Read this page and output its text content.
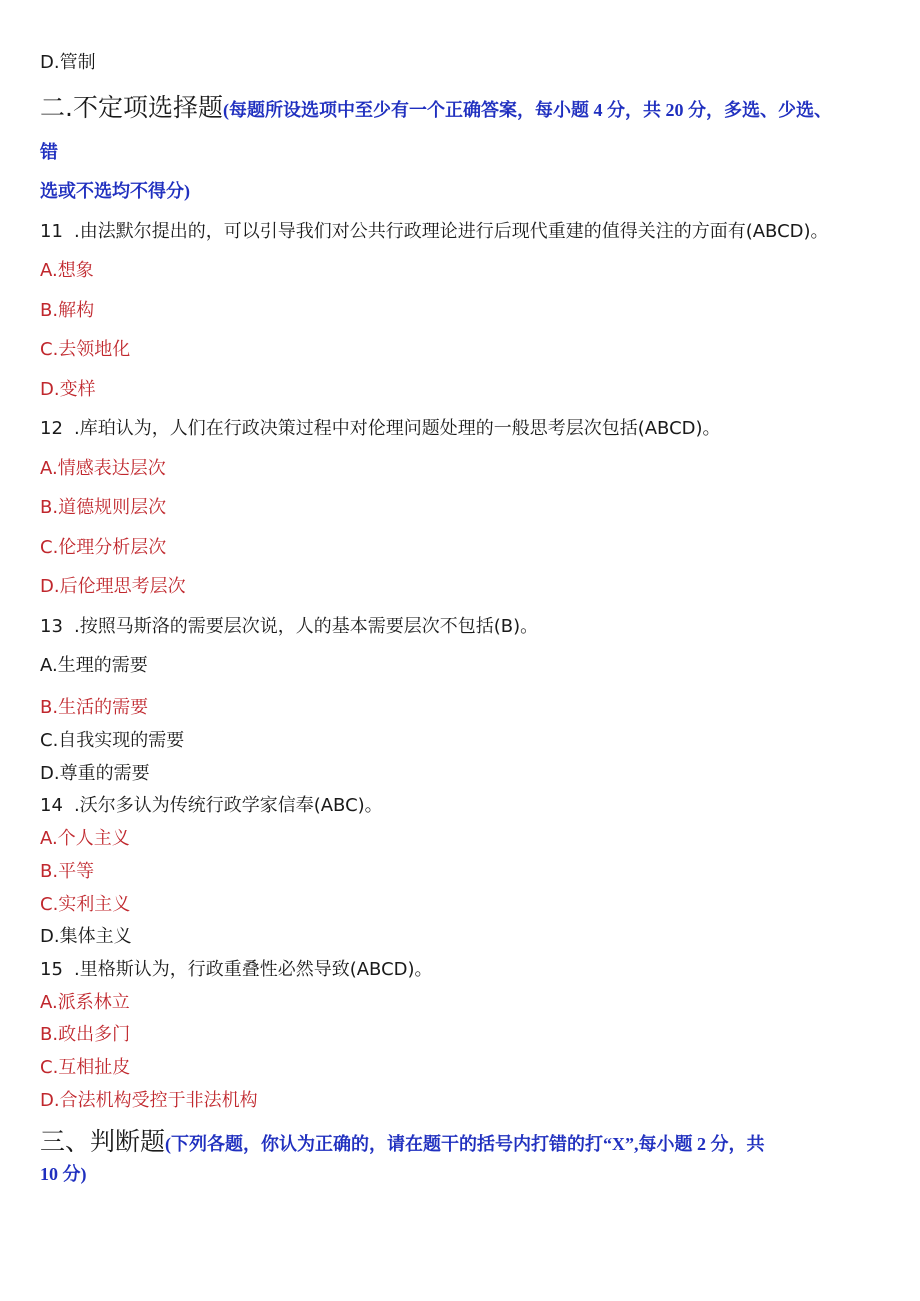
D.管制
二.不定项选择题(每题所设选项中至少有一个正确答案，每小题 4 分，共 20 分，多选、少选、
错
选或不选均不得分)
11 .由法默尔提出的，可以引导我们对公共行政理论进行后现代重建的值得关注的方面有(ABCD)。
A.想象
B.解构
C.去领地化
D.变样
12 .库珀认为，人们在行政决策过程中对伦理问题处理的一般思考层次包括(ABCD)。
A.情感表达层次
B.道德规则层次
C.伦理分析层次
D.后伦理思考层次
13 .按照马斯洛的需要层次说，人的基本需要层次不包括(B)。
A.生理的需要
B.生活的需要
C.自我实现的需要
D.尊重的需要
14 .沃尔多认为传统行政学家信奉(ABC)。
A.个人主义
B.平等
C.实利主义
D.集体主义
15 .里格斯认为，行政重叠性必然导致(ABCD)。
A.派系林立
B.政出多门
C.互相扯皮
D.合法机构受控于非法机构
三、判断题(下列各题，你认为正确的，请在题干的括号内打错的打“X”,每小题 2 分，共
10 分)
